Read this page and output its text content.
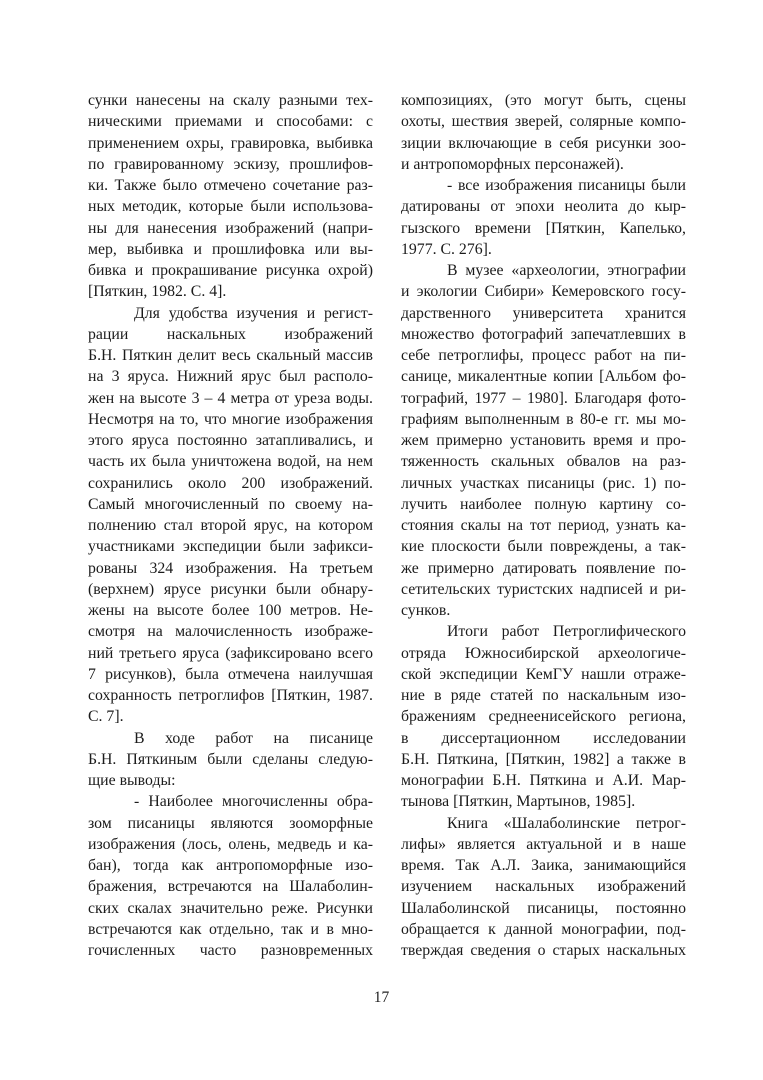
сунки нанесены на скалу разными тех-
ническими приемами и способами: с
применением охры, гравировка, выбивка
по гравированному эскизу, прошлифов-
ки. Также было отмечено сочетание раз-
ных методик, которые были использова-
ны для нанесения изображений (напри-
мер, выбивка и прошлифовка или вы-
бивка и прокрашивание рисунка охрой)
[Пяткин, 1982. С. 4].

Для удобства изучения и регист-
рации наскальных изображений
Б.Н. Пяткин делит весь скальный массив
на 3 яруса. Нижний ярус был располо-
жен на высоте 3 – 4 метра от уреза воды.
Несмотря на то, что многие изображения
этого яруса постоянно затапливались, и
часть их была уничтожена водой, на нем
сохранились около 200 изображений.
Самый многочисленный по своему на-
полнению стал второй ярус, на котором
участниками экспедиции были зафикси-
рованы 324 изображения. На третьем
(верхнем) ярусе рисунки были обнару-
жены на высоте более 100 метров. Не-
смотря на малочисленность изображе-
ний третьего яруса (зафиксировано всего
7 рисунков), была отмечена наилучшая
сохранность петроглифов [Пяткин, 1987.
С. 7].

В ходе работ на писанице
Б.Н. Пяткиным были сделаны следую-
щие выводы:

- Наиболее многочисленны обра-
зом писаницы являются зооморфные
изображения (лось, олень, медведь и ка-
бан), тогда как антропоморфные изо-
бражения, встречаются на Шалаболин-
ских скалах значительно реже. Рисунки
встречаются как отдельно, так и в мно-
гочисленных часто разновременных

композициях, (это могут быть, сцены
охоты, шествия зверей, солярные компо-
зиции включающие в себя рисунки зоо-
и антропоморфных персонажей).

- все изображения писаницы были
датированы от эпохи неолита до кыр-
гызского времени [Пяткин, Капелько,
1977. С. 276].

В музее «археологии, этнографии
и экологии Сибири» Кемеровского госу-
дарственного университета хранится
множество фотографий запечатлевших в
себе петроглифы, процесс работ на пи-
санице, микалентные копии [Альбом фо-
тографий, 1977 – 1980]. Благодаря фото-
графиям выполненным в 80-е гг. мы мо-
жем примерно установить время и про-
тяженность скальных обвалов на раз-
личных участках писаницы (рис. 1) по-
лучить наиболее полную картину со-
стояния скалы на тот период, узнать ка-
кие плоскости были повреждены, а так-
же примерно датировать появление по-
сетительских туристских надписей и ри-
сунков.

Итоги работ Петроглифического
отряда Южносибирской археологиче-
ской экспедиции КемГУ нашли отраже-
ние в ряде статей по наскальным изо-
бражениям среднеенисейского региона,
в диссертационном исследовании
Б.Н. Пяткина, [Пяткин, 1982] а также в
монографии Б.Н. Пяткина и А.И. Мар-
тынова [Пяткин, Мартынов, 1985].

Книга «Шалаболинские петрог-
лифы» является актуальной и в наше
время. Так А.Л. Заика, занимающийся
изучением наскальных изображений
Шалаболинской писаницы, постоянно
обращается к данной монографии, под-
тверждая сведения о старых наскальных

17
